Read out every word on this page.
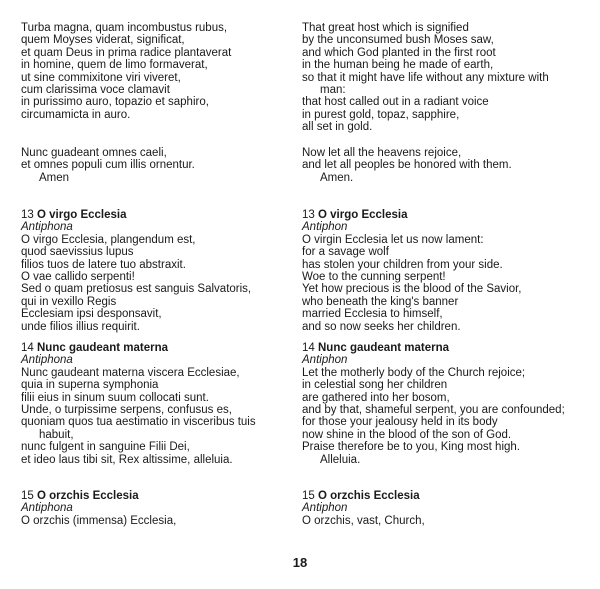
Turba magna, quam incombustus rubus,
quem Moyses viderat, significat,
et quam Deus in prima radice plantaverat
in homine, quem de limo formaverat,
ut sine commixitone viri viveret,
cum clarissima voce clamavit
in purissimo auro, topazio et saphiro,
circumamicta in auro.
Nunc guadeant omnes caeli,
et omnes populi cum illis ornentur.
Amen
13 O virgo Ecclesia
Antiphona
O virgo Ecclesia, plangendum est,
quod saevissius lupus
filios tuos de latere tuo abstraxit.
O vae callido serpenti!
Sed o quam pretiosus est sanguis Salvatoris,
qui in vexillo Regis
Ecclesiam ipsi desponsavit,
unde filios illius requirit.
14 Nunc gaudeant materna
Antiphona
Nunc gaudeant materna viscera Ecclesiae,
quia in superna symphonia
filii eius in sinum suum collocati sunt.
Unde, o turpissime serpens, confusus es,
quoniam quos tua aestimatio in visceribus tuis
habuit,
nunc fulgent in sanguine Filii Dei,
et ideo laus tibi sit, Rex altissime, alleluia.
15 O orzchis Ecclesia
Antiphona
O orzchis (immensa) Ecclesia,
That great host which is signified
by the unconsumed bush Moses saw,
and which God planted in the first root
in the human being he made of earth,
so that it might have life without any mixture with
man:
that host called out in a radiant voice
in purest gold, topaz, sapphire,
all set in gold.
Now let all the heavens rejoice,
and let all peoples be honored with them.
Amen.
13 O virgo Ecclesia
Antiphon
O virgin Ecclesia let us now lament:
for a savage wolf
has stolen your children from your side.
Woe to the cunning serpent!
Yet how precious is the blood of the Savior,
who beneath the king's banner
married Ecclesia to himself,
and so now seeks her children.
14 Nunc gaudeant materna
Antiphon
Let the motherly body of the Church rejoice;
in celestial song her children
are gathered into her bosom,
and by that, shameful serpent, you are confounded;
for those your jealousy held in its body
now shine in the blood of the son of God.
Praise therefore be to you, King most high.
Alleluia.
15 O orzchis Ecclesia
Antiphon
O orzchis, vast, Church,
18
